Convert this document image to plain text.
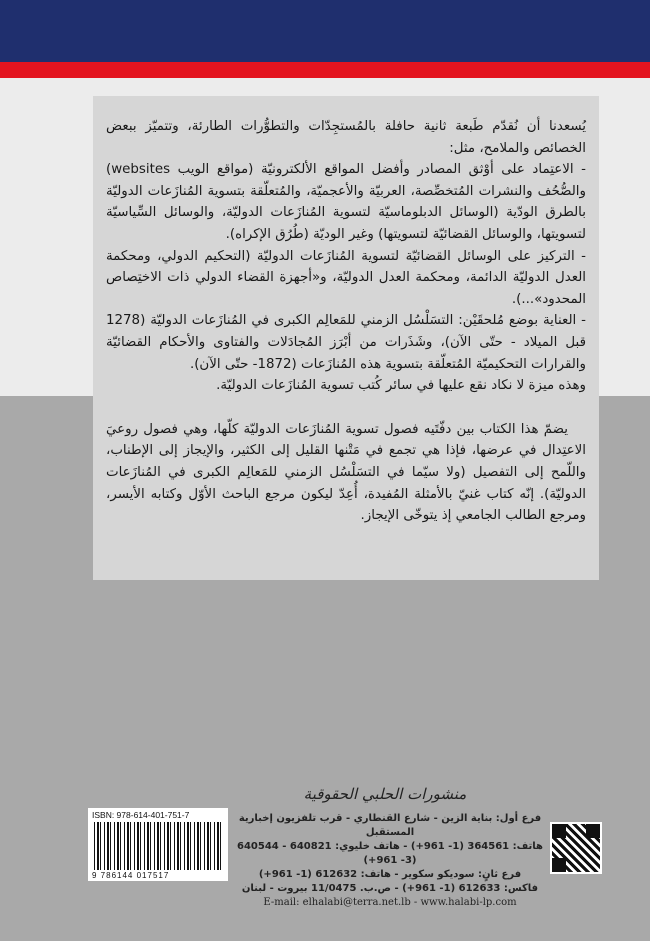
يُسعدنا أن نُقدّم طَبعة ثانية حافلة بالمُستجِدّات والتطوُّرات الطارئة، وتتميّز ببعض الخصائص والملامح، مثل:

- الاعتِماد على أوْثق المصادر وأفضل المواقع الألكترونيّة (مواقع الويب websites) والصُّحُف والنشرات المُتخصِّصة، العربيّة والأعجميّة، والمُتعلّقة بتسوية المُنازَعات الدوليّة بالطرق الودّية (الوسائل الدبلوماسيّة لتسوية المُنازَعات الدوليّة، والوسائل السِّياسيّة لتسويتها، والوسائل القضائيّة لتسويتها) وغير الوديّة (طُرُق الإكراه).

- التركيز على الوسائل القضائيّة لتسوية المُنازَعات الدوليّة (التحكيم الدولي، ومحكمة العدل الدوليّة الدائمة، ومحكمة العدل الدوليّة، و«أجهزة القضاء الدولي ذات الاختِصاص المحدود»...).

- العناية بوضع مُلحقَيْن: التسَلْسُل الزمني للمَعالِم الكبرى في المُنازَعات الدوليّة (1278 قبل الميلاد - حتّى الآن)، وشَذَرات من أبْرَز المُجادَلات والفتاوى والأحكام القضائيّة والقرارات التحكيميّة المُتعلّقة بتسوية هذه المُنازَعات (1872- حتّى الآن).

وهذه ميزة لا نكاد نقع عليها في سائر كُتب تسوية المُنازَعات الدوليّة.

يضمّ هذا الكتاب بين دفّتَيه فصول تسوية المُنازَعات الدوليّة كلّها، وهي فصول روعيَ الاعتِدال في عرضها، فإذا هي تجمع في مَتْنها القليل إلى الكثير، والإيجاز إلى الإطناب، واللّمح إلى التفصيل (ولا سيّما في التسَلْسُل الزمني للمَعالِم الكبرى في المُنازَعات الدوليّة). إنّه كتاب غنيّ بالأمثلة المُفيدة، أُعِدّ ليكون مرجع الباحث الأوّل وكتابه الأيسر، ومرجع الطالب الجامعي إذ يتوخّى الإيجاز.

منشورات الحلبي الحقوقية
فرع أول: بناية الزين - شارع القنطاري - قرب تلفزيون إخبارية المستقبل
هاتف: 364561 (1- 961+) - هاتف خليوي: 640821 - 640544 (3- 961+)
فرع ثانٍ: سوديكو سكوير - هاتف: 612632 (1- 961+)
فاكس: 612633 (1- 961+) - ص.ب. 11/0475 بيروت - لبنان
E-mail: elhalabi@terra.net.lb - www.halabi-lp.com
ISBN: 978-614-401-751-7
9 786144 017517
